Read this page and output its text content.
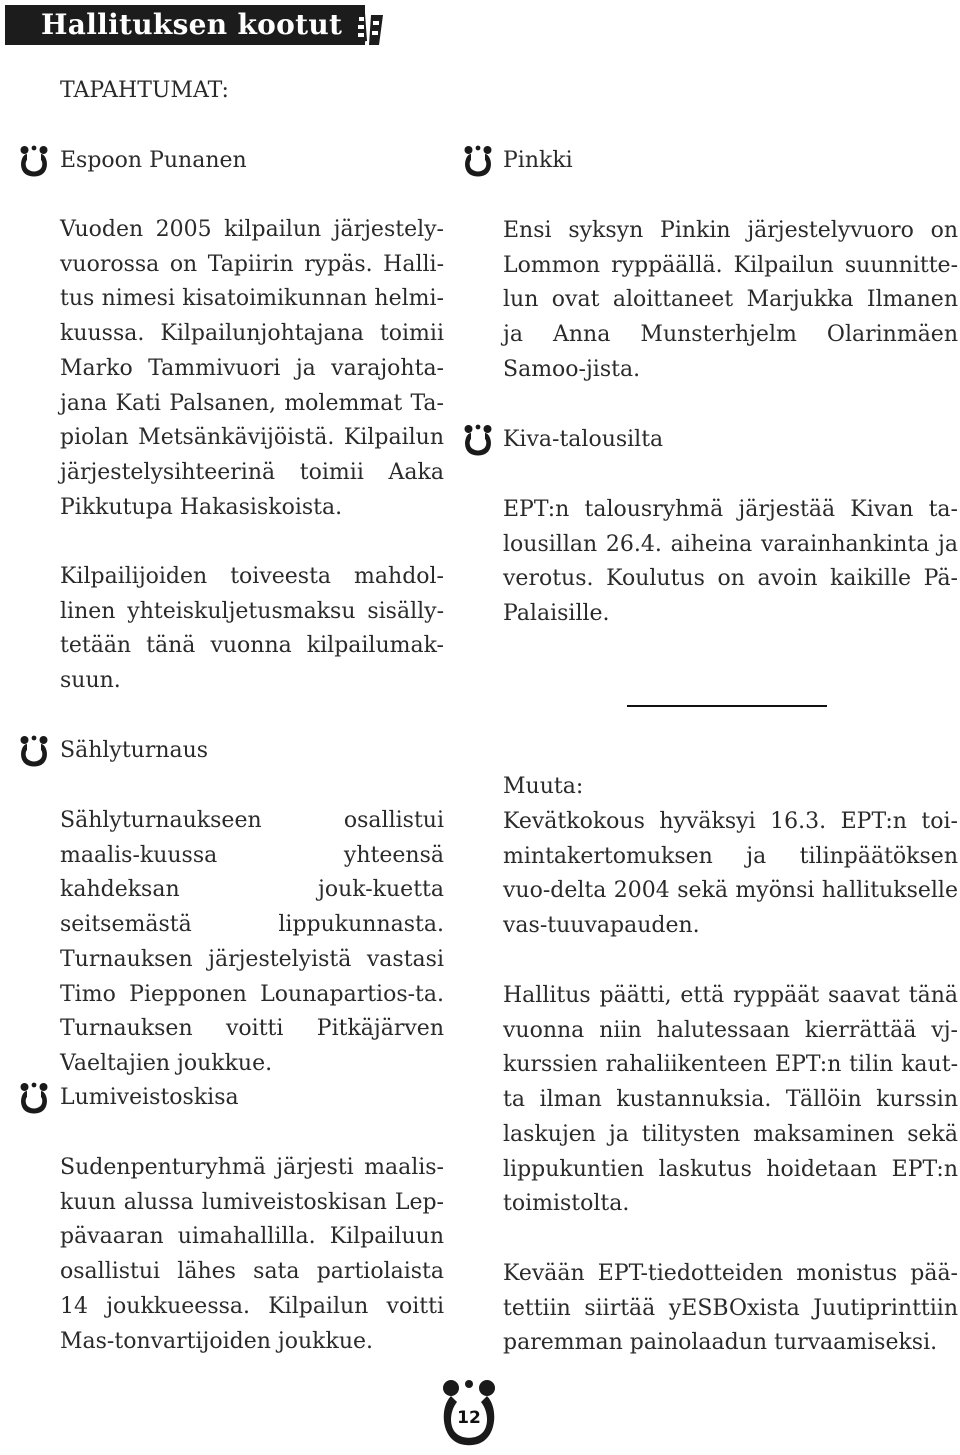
Hallituksen kootut
TAPAHTUMAT:
Espoon Punanen
Vuoden 2005 kilpailun järjestely-vuorossa on Tapiirin rypäs. Halli-tus nimesi kisatoimikunnan helmi-kuussa. Kilpailunjohtajana toimii Marko Tammivuori ja varajohta-jana Kati Palsanen, molemmat Ta-piolan Metsänkävijöistä. Kilpailun järjestelysihteerinä toimii Aaka Pikkutupa Hakasiskoista.
Kilpailijoiden toiveesta mahdol-linen yhteiskuljetusmaksu sisälly-tetään tänä vuonna kilpailumak-suun.
Sählyturnaus
Sählyturnaukseen osallistui maalis-kuussa yhteensä kahdeksan jouk-kuetta seitsemästä lippukunnasta. Turnauksen järjestelyistä vastasi Timo Piepponen Lounapartios-ta. Turnauksen voitti Pitkäjärven Vaeltajien joukkue.
Lumiveistoskisa
Sudenpenturyhmä järjesti maalis-kuun alussa lumiveistoskisan Lep-pävaaran uimahallilla. Kilpailuun osallistui lähes sata partiolaista 14 joukkueessa. Kilpailun voitti Mas-tonvartijoiden joukkue.
Pinkki
Ensi syksyn Pinkin järjestelyvuoro on Lommon ryppäällä. Kilpailun suunnitte-lun ovat aloittaneet Marjukka Ilmanen ja Anna Munsterhjelm Olarinmäen Samoo-jista.
Kiva-talousilta
EPT:n talousryhmä järjestää Kivan ta-lousillan 26.4. aiheina varainhankinta ja verotus. Koulutus on avoin kaikille Pä-Palaisille.
Muuta:
Kevätkokous hyväksyi 16.3. EPT:n toi-mintakertomuksen ja tilinpäätöksen vuo-delta 2004 sekä myönsi hallitukselle vas-tuuvapauden.
Hallitus päätti, että ryppäät saavat tänä vuonna niin halutessaan kierrättää vj-kurssien rahaliikenteen EPT:n tilin kaut-ta ilman kustannuksia. Tällöin kurssin laskujen ja tilitysten maksaminen sekä lippukuntien laskutus hoidetaan EPT:n toimistolta.
Kevään EPT-tiedotteiden monistus pää-tettiin siirtää yESBOxista Juutiprinttiin paremman painolaadun turvaamiseksi.
12
